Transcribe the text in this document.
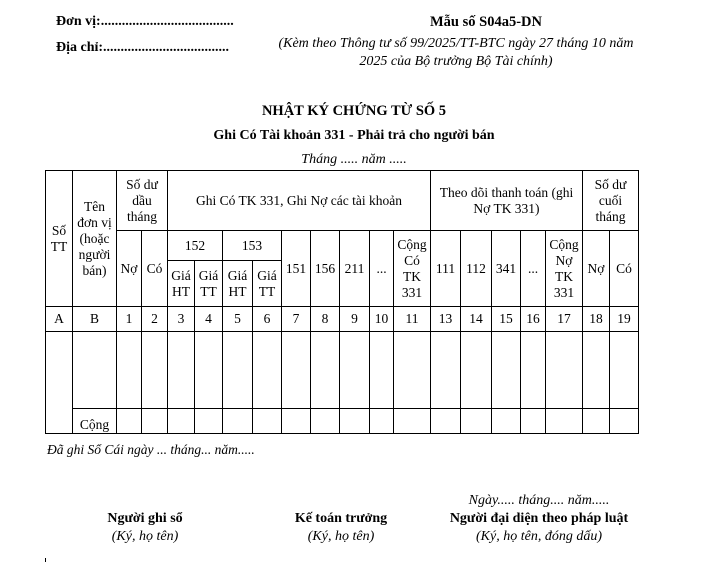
Đơn vị:......................................
Địa chỉ:....................................
Mẫu số S04a5-DN
(Kèm theo Thông tư số 99/2025/TT-BTC ngày 27 tháng 10 năm 2025 của Bộ trưởng Bộ Tài chính)
NHẬT KÝ CHỨNG TỪ SỐ 5
Ghi Có Tài khoản 331 - Phải trả cho người bán
Tháng ..... năm .....
Số TT	Tên đơn vị (hoặc người bán)	Số dư dầu tháng		Ghi Có TK 331, Ghi Nợ các tài khoản									Theo dõi thanh toán (ghi Nợ TK 331)					Số dư cuối tháng	
		Nợ	Có	152		153		151	156	211	...	Cộng Có TK 331	111	112	341	...	Cộng Nợ TK 331	Nợ	Có
				Giá HT	Giá TT	Giá HT	Giá TT												
A	B	1	2	3	4	5	6	7	8	9	10	11	13	14	15	16	17	18	19

	Cộng																		
Đã ghi Sổ Cái ngày ... tháng... năm.....
Người ghi sổ
(Ký, họ tên)
Kế toán trưởng
(Ký, họ tên)
Ngày..... tháng.... năm.....
Người đại diện theo pháp luật
(Ký, họ tên, đóng dấu)
